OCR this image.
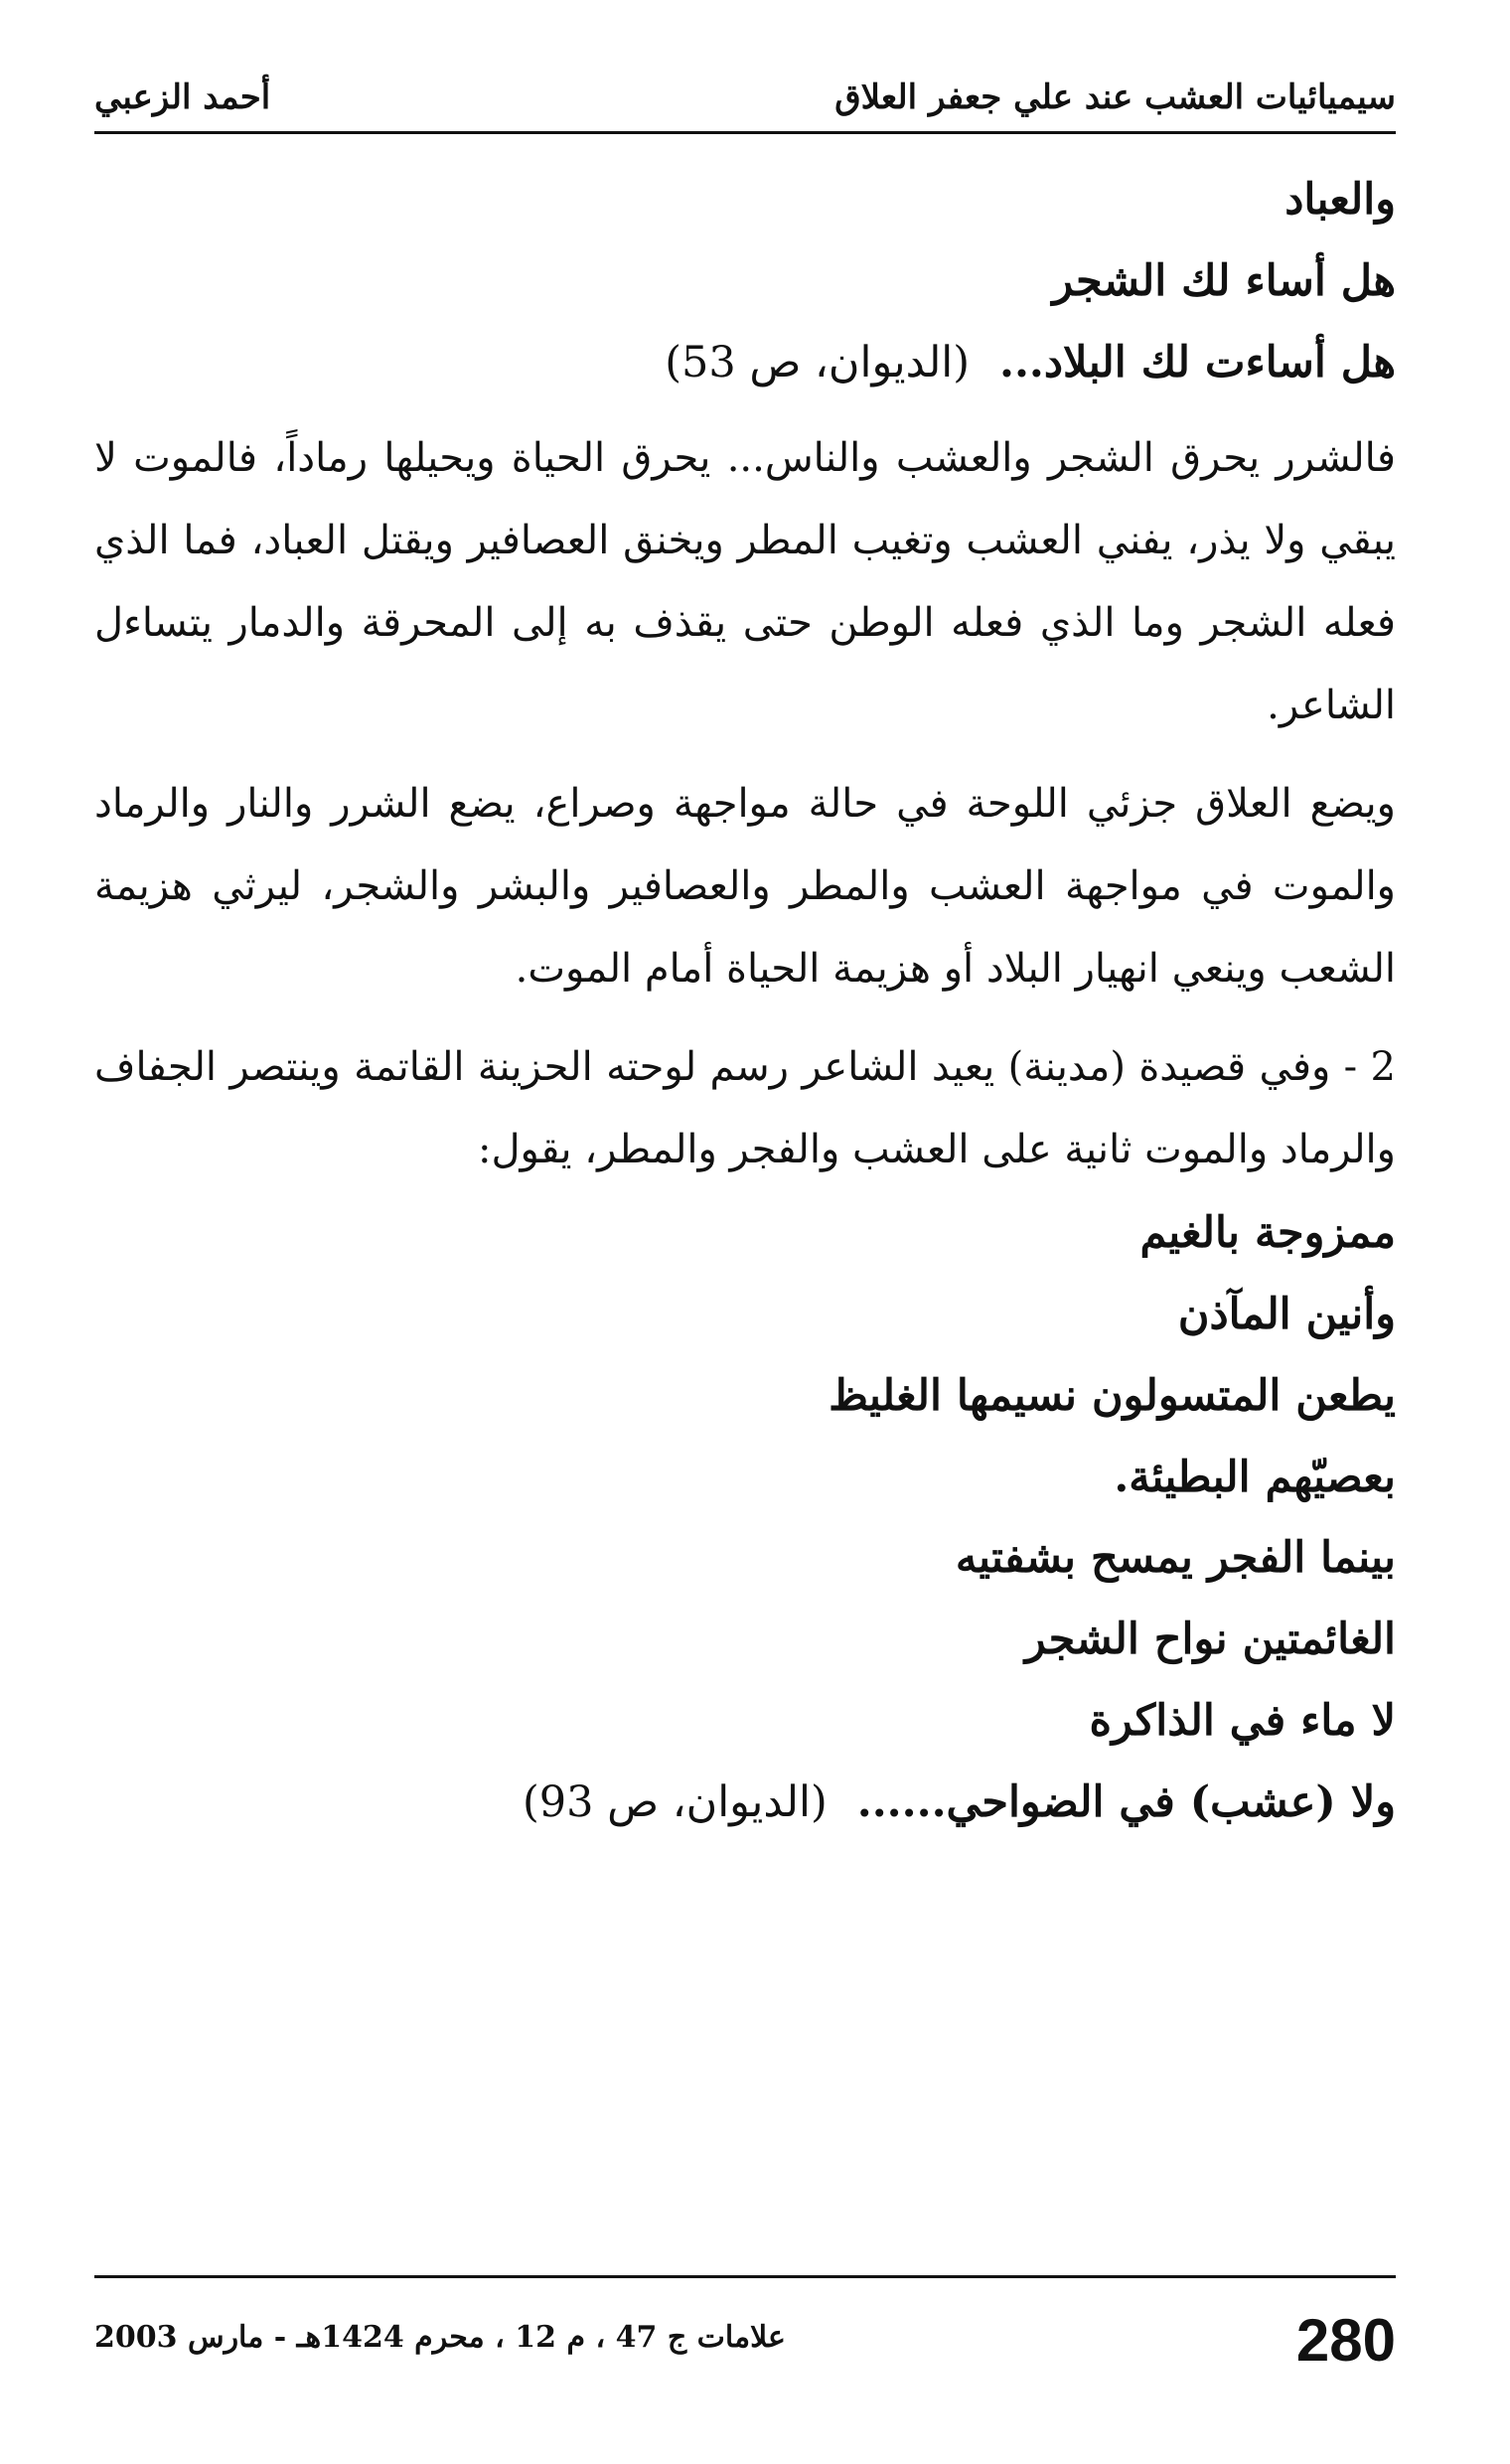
أحمد الزعبي	سيميائيات العشب عند علي جعفر العلاق
والعباد
هل أساء لك الشجر
هل أساءت لك البلاد...  (الديوان، ص 53)

فالشرر يحرق الشجر والعشب والناس... يحرق الحياة ويحيلها رماداً، فالموت لا يبقي ولا يذر، يفني العشب وتغيب المطر ويخنق العصافير ويقتل العباد، فما الذي فعله الشجر وما الذي فعله الوطن حتى يقذف به إلى المحرقة والدمار يتساءل الشاعر.

ويضع العلاق جزئي اللوحة في حالة مواجهة وصراع، يضع الشرر والنار والرماد والموت في مواجهة العشب والمطر والعصافير والبشر والشجر، ليرثي هزيمة الشعب وينعي انهيار البلاد أو هزيمة الحياة أمام الموت.

2 - وفي قصيدة (مدينة) يعيد الشاعر رسم لوحته الحزينة القاتمة وينتصر الجفاف والرماد والموت ثانية على العشب والفجر والمطر، يقول:

ممزوجة بالغيم
وأنين المآذن
يطعن المتسولون نسيمها الغليظ
بعصيّهم البطيئة.
بينما الفجر يمسح بشفتيه
الغائمتين نواح الشجر
لا ماء في الذاكرة
ولا (عشب) في الضواحي......  (الديوان، ص 93)
280
علامات ج 47 ، م 12 ، محرم 1424هـ - مارس 2003
